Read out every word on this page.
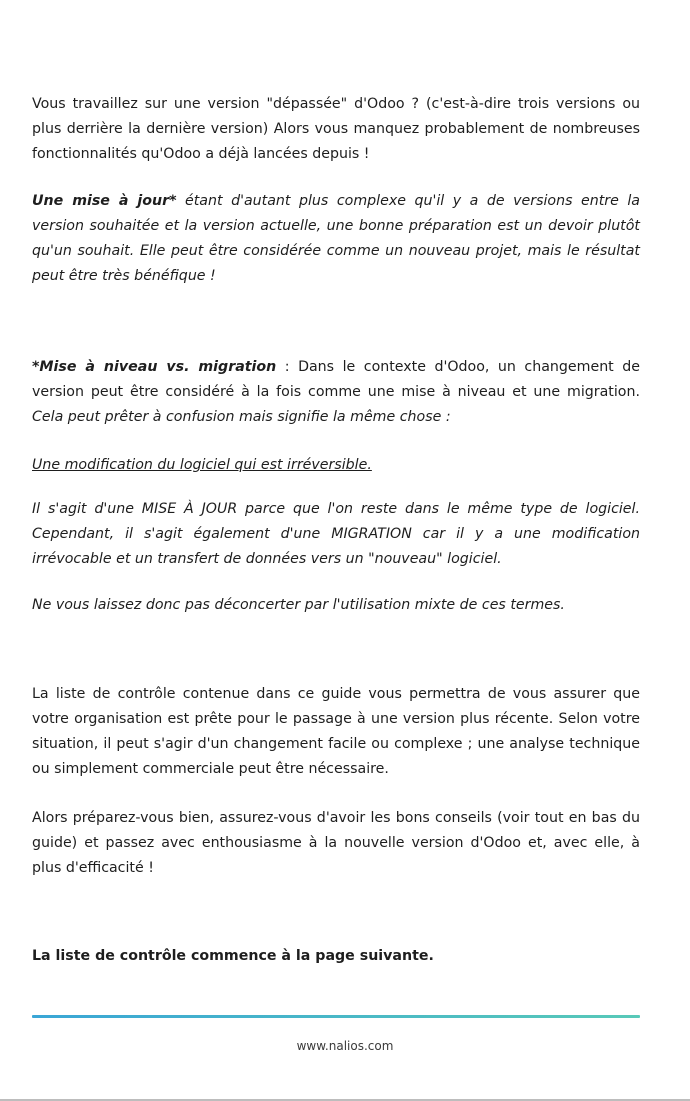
Vous travaillez sur une version "dépassée" d'Odoo ? (c'est-à-dire trois versions ou plus derrière la dernière version) Alors vous manquez probablement de nombreuses fonctionnalités qu'Odoo a déjà lancées depuis !

Une mise à jour* étant d'autant plus complexe qu'il y a de versions entre la version souhaitée et la version actuelle, une bonne préparation est un devoir plutôt qu'un souhait. Elle peut être considérée comme un nouveau projet, mais le résultat peut être très bénéfique !

*Mise à niveau vs. migration : Dans le contexte d'Odoo, un changement de version peut être considéré à la fois comme une mise à niveau et une migration. Cela peut prêter à confusion mais signifie la même chose :

Une modification du logiciel qui est irréversible.

Il s'agit d'une MISE À JOUR parce que l'on reste dans le même type de logiciel. Cependant, il s'agit également d'une MIGRATION car il y a une modification irrévocable et un transfert de données vers un "nouveau" logiciel.

Ne vous laissez donc pas déconcerter par l'utilisation mixte de ces termes.

La liste de contrôle contenue dans ce guide vous permettra de vous assurer que votre organisation est prête pour le passage à une version plus récente. Selon votre situation, il peut s'agir d'un changement facile ou complexe ; une analyse technique ou simplement commerciale peut être nécessaire.

Alors préparez-vous bien, assurez-vous d'avoir les bons conseils (voir tout en bas du guide) et passez avec enthousiasme à la nouvelle version d'Odoo et, avec elle, à plus d'efficacité !

La liste de contrôle commence à la page suivante.

www.nalios.com
